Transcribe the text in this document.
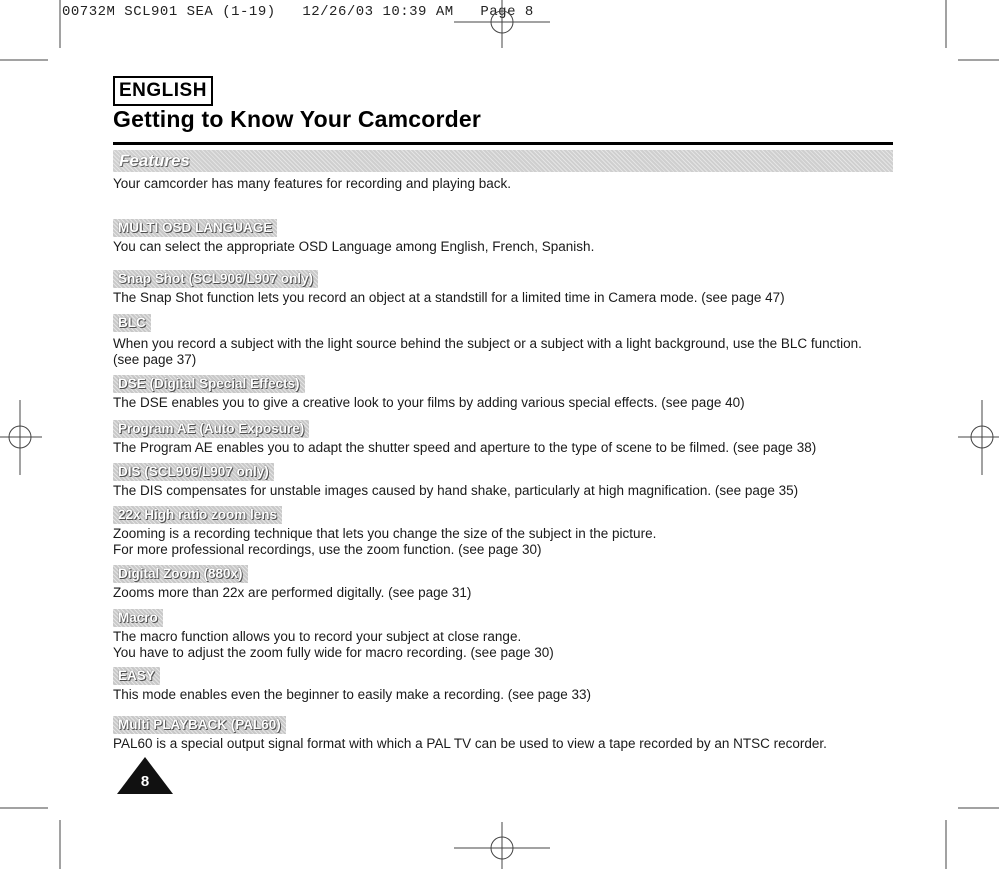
00732M SCL901 SEA (1-19)   12/26/03 10:39 AM   Page 8
ENGLISH
Getting to Know Your Camcorder
Features

Your camcorder has many features for recording and playing back.

MULTI OSD LANGUAGE

You can select the appropriate OSD Language among English, French, Spanish.

Snap Shot (SCL906/L907 only)

The Snap Shot function lets you record an object at a standstill for a limited time in Camera mode. (see page 47)

BLC

When you record a subject with the light source behind the subject or a subject with a light background, use the BLC function.

(see page 37)

DSE (Digital Special Effects)

The DSE enables you to give a creative look to your films by adding various special effects. (see page 40)

Program AE (Auto Exposure)

The Program AE enables you to adapt the shutter speed and aperture to the type of scene to be filmed. (see page 38)

DIS (SCL906/L907 only)

The DIS compensates for unstable images caused by hand shake, particularly at high magnification. (see page 35)

22x High ratio zoom lens

Zooming is a recording technique that lets you change the size of the subject in the picture.

For more professional recordings, use the zoom function. (see page 30)

Digital Zoom (880x)

Zooms more than 22x are performed digitally. (see page 31)

Macro

The macro function allows you to record your subject at close range.

You have to adjust the zoom fully wide for macro recording. (see page 30)

EASY

This mode enables even the beginner to easily make a recording. (see page 33)

Multi PLAYBACK (PAL60)

PAL60 is a special output signal format with which a PAL TV can be used to view a tape recorded by an NTSC recorder.

8
